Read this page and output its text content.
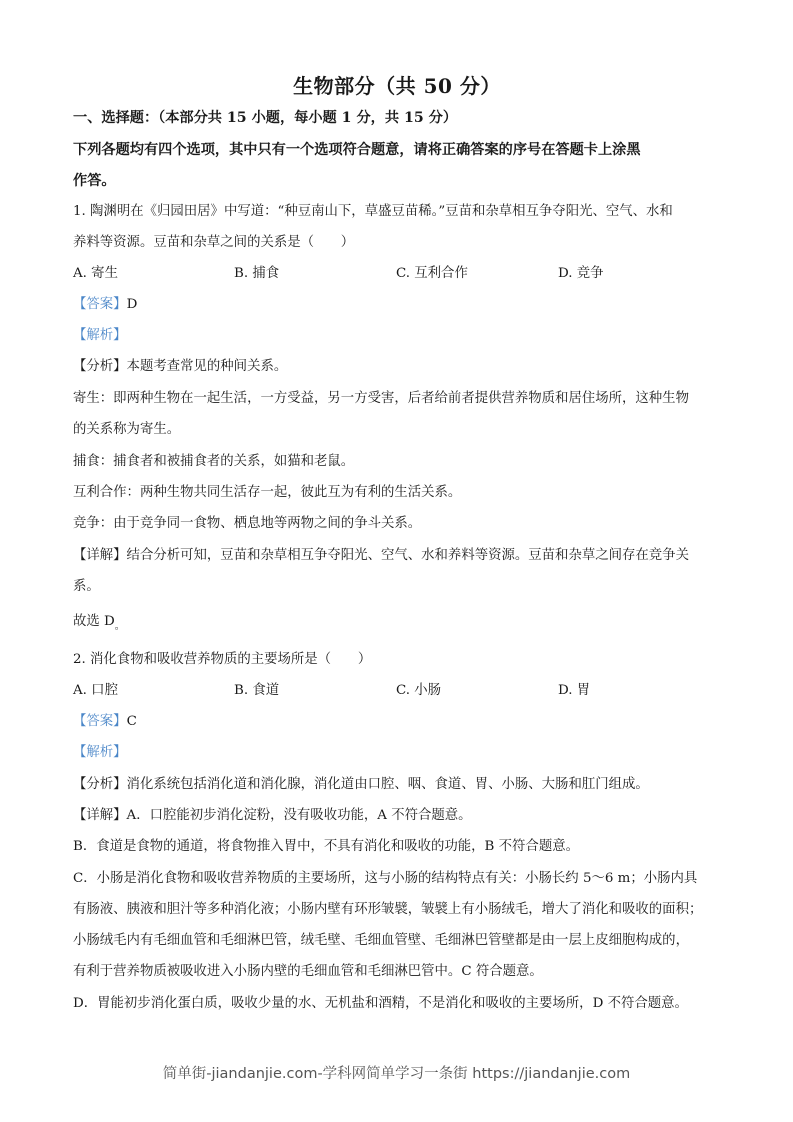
生物部分（共 50 分）
一、选择题：（本部分共 15 小题，每小题 1 分，共 15 分）
下列各题均有四个选项，其中只有一个选项符合题意，请将正确答案的序号在答题卡上涂黑
作答。
1. 陶渊明在《归园田居》中写道：“种豆南山下，草盛豆苗稀。”豆苗和杂草相互争夺阳光、空气、水和
养料等资源。豆苗和杂草之间的关系是（　　）
A. 寄生	B. 捕食	C. 互利合作	D. 竞争
【答案】D
【解析】
【分析】本题考查常见的种间关系。
寄生：即两种生物在一起生活，一方受益，另一方受害，后者给前者提供营养物质和居住场所，这种生物
的关系称为寄生。
捕食：捕食者和被捕食者的关系，如猫和老鼠。
互利合作：两种生物共同生活存一起，彼此互为有利的生活关系。
竞争：由于竞争同一食物、栖息地等两物之间的争斗关系。
【详解】结合分析可知，豆苗和杂草相互争夺阳光、空气、水和养料等资源。豆苗和杂草之间存在竞争关
系。
故选 $D_。$
2. 消化食物和吸收营养物质的主要场所是（　　）
A. 口腔	B. 食道	C. 小肠	D. 胃
【答案】C
【解析】
【分析】消化系统包括消化道和消化腺，消化道由口腔、咽、食道、胃、小肠、大肠和肛门组成。
【详解】A．口腔能初步消化淀粉，没有吸收功能，A 不符合题意。
B．食道是食物的通道，将食物推入胃中，不具有消化和吸收的功能，B 不符合题意。
C．小肠是消化食物和吸收营养物质的主要场所，这与小肠的结构特点有关：小肠长约 5～6 m；小肠内具
有肠液、胰液和胆汁等多种消化液；小肠内壁有环形皱襞，皱襞上有小肠绒毛，增大了消化和吸收的面积；
小肠绒毛内有毛细血管和毛细淋巴管，绒毛壁、毛细血管壁、毛细淋巴管壁都是由一层上皮细胞构成的，
有利于营养物质被吸收进入小肠内壁的毛细血管和毛细淋巴管中。C 符合题意。
D．胃能初步消化蛋白质，吸收少量的水、无机盐和酒精，不是消化和吸收的主要场所，D 不符合题意。
简单街-jiandanjie.com-学科网简单学习一条街 https://jiandanjie.com
